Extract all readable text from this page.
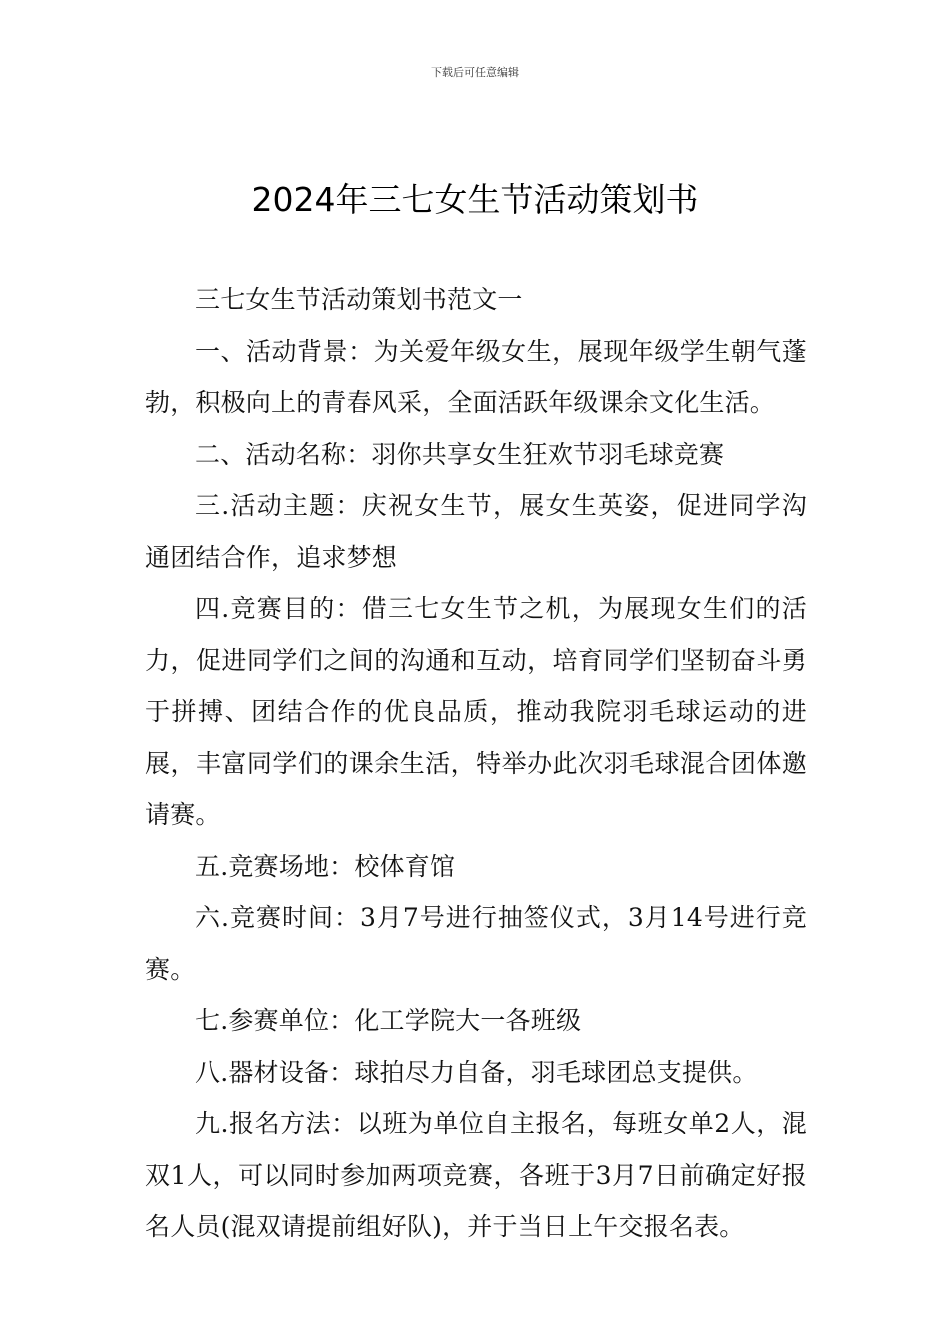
下载后可任意编辑
2024年三七女生节活动策划书

三七女生节活动策划书范文一

一、活动背景：为关爱年级女生，展现年级学生朝气蓬勃，积极向上的青春风采，全面活跃年级课余文化生活。

二、活动名称：羽你共享女生狂欢节羽毛球竞赛

三.活动主题：庆祝女生节，展女生英姿，促进同学沟通团结合作，追求梦想

四.竞赛目的：借三七女生节之机，为展现女生们的活力，促进同学们之间的沟通和互动，培育同学们坚韧奋斗勇于拼搏、团结合作的优良品质，推动我院羽毛球运动的进展，丰富同学们的课余生活，特举办此次羽毛球混合团体邀请赛。

五.竞赛场地：校体育馆

六.竞赛时间：3月7号进行抽签仪式，3月14号进行竞赛。

七.参赛单位：化工学院大一各班级

八.器材设备：球拍尽力自备，羽毛球团总支提供。

九.报名方法：以班为单位自主报名，每班女单2人，混双1人，可以同时参加两项竞赛，各班于3月7日前确定好报名人员(混双请提前组好队)，并于当日上午交报名表。
